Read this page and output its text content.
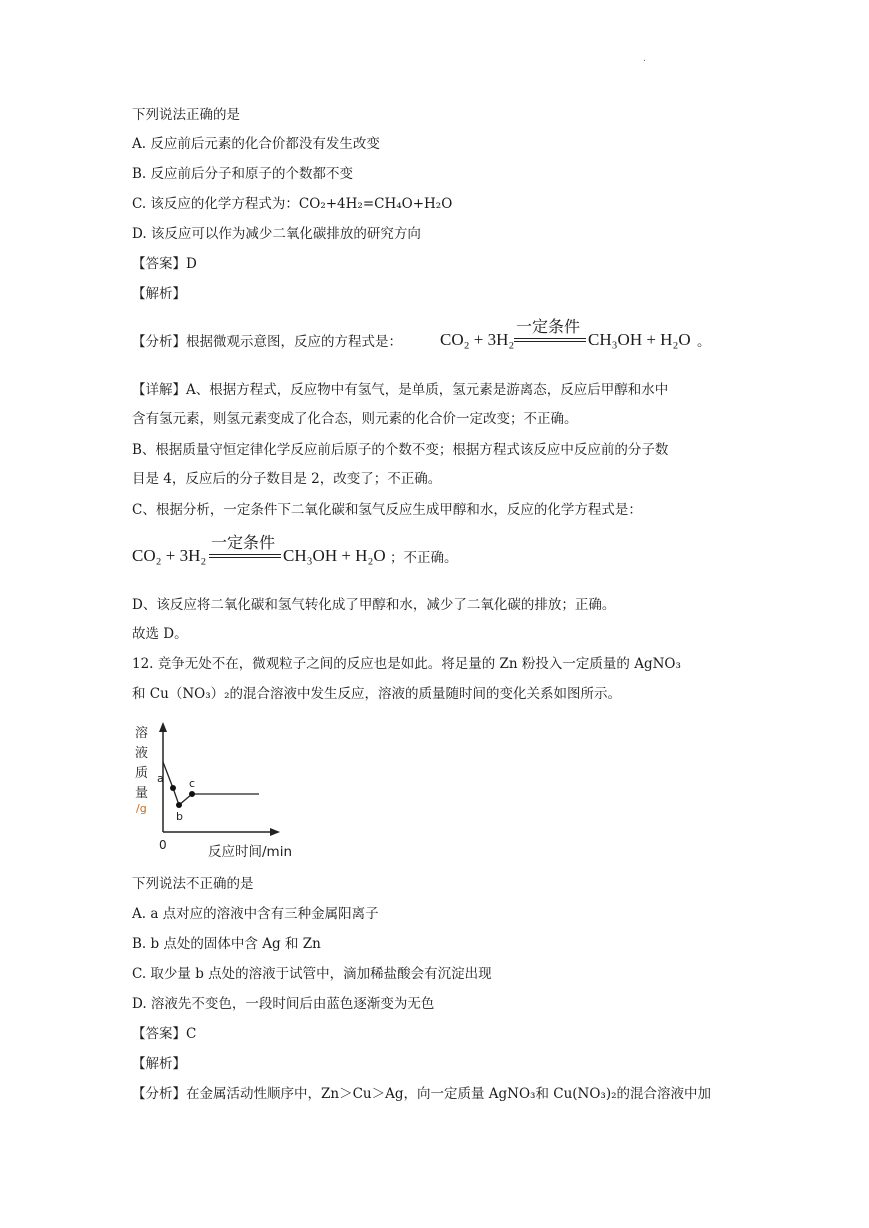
.
下列说法正确的是
A. 反应前后元素的化合价都没有发生改变
B. 反应前后分子和原子的个数都不变
C. 该反应的化学方程式为：CO₂+4H₂=CH₄O+H₂O
D. 该反应可以作为减少二氧化碳排放的研究方向
【答案】D
【解析】
【分析】根据微观示意图，反应的方程式是： CO₂ + 3H₂
一定条件
CH₃OH + H₂O 。
【详解】A、根据方程式，反应物中有氢气，是单质，氢元素是游离态，反应后甲醇和水中
含有氢元素，则氢元素变成了化合态，则元素的化合价一定改变；不正确。
B、根据质量守恒定律化学反应前后原子的个数不变；根据方程式该反应中反应前的分子数
目是 4，反应后的分子数目是 2，改变了；不正确。
C、根据分析，一定条件下二氧化碳和氢气反应生成甲醇和水，反应的化学方程式是：
CO₂ + 3H₂
一定条件
CH₃OH + H₂O ；不正确。
D、该反应将二氧化碳和氢气转化成了甲醇和水，减少了二氧化碳的排放；正确。
故选 D。
12. 竞争无处不在，微观粒子之间的反应也是如此。将足量的 Zn 粉投入一定质量的 AgNO₃
和 Cu（NO₃）₂的混合溶液中发生反应，溶液的质量随时间的变化关系如图所示。
溶
液
质
量
/g
a
b
c
0	反应时间/min
下列说法不正确的是
A. a 点对应的溶液中含有三种金属阳离子
B. b 点处的固体中含 Ag 和 Zn
C. 取少量 b 点处的溶液于试管中，滴加稀盐酸会有沉淀出现
D. 溶液先不变色，一段时间后由蓝色逐渐变为无色
【答案】C
【解析】
【分析】在金属活动性顺序中，Zn＞Cu＞Ag，向一定质量 AgNO₃和 Cu(NO₃)₂的混合溶液中加
